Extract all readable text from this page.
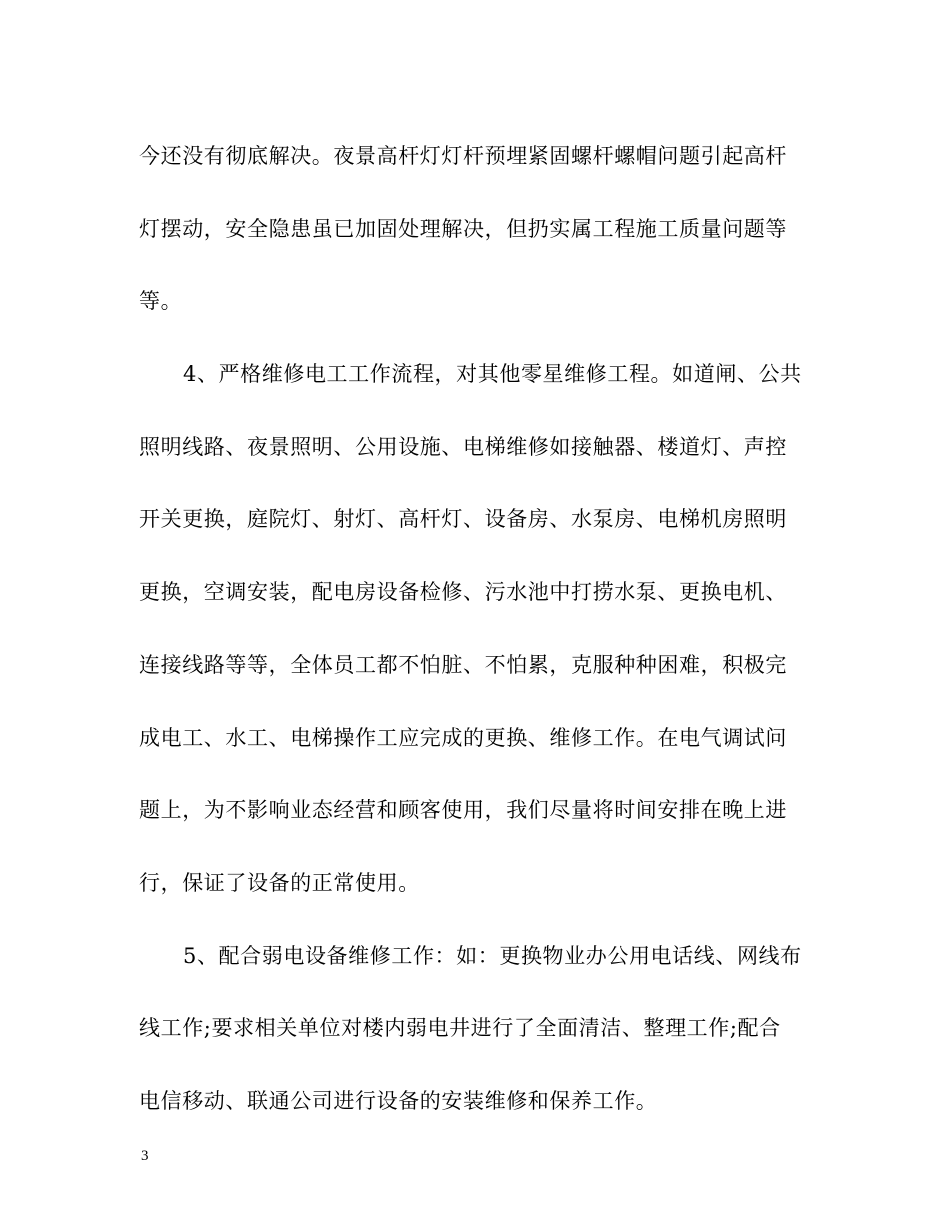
今还没有彻底解决。夜景高杆灯灯杆预埋紧固螺杆螺帽问题引起高杆
灯摆动，安全隐患虽已加固处理解决，但扔实属工程施工质量问题等
等。
4、严格维修电工工作流程，对其他零星维修工程。如道闸、公共
照明线路、夜景照明、公用设施、电梯维修如接触器、楼道灯、声控
开关更换，庭院灯、射灯、高杆灯、设备房、水泵房、电梯机房照明
更换，空调安装，配电房设备检修、污水池中打捞水泵、更换电机、
连接线路等等，全体员工都不怕脏、不怕累，克服种种困难，积极完
成电工、水工、电梯操作工应完成的更换、维修工作。在电气调试问
题上，为不影响业态经营和顾客使用，我们尽量将时间安排在晚上进
行，保证了设备的正常使用。
5、配合弱电设备维修工作：如：更换物业办公用电话线、网线布
线工作;要求相关单位对楼内弱电井进行了全面清洁、整理工作;配合
电信移动、联通公司进行设备的安装维修和保养工作。
3
